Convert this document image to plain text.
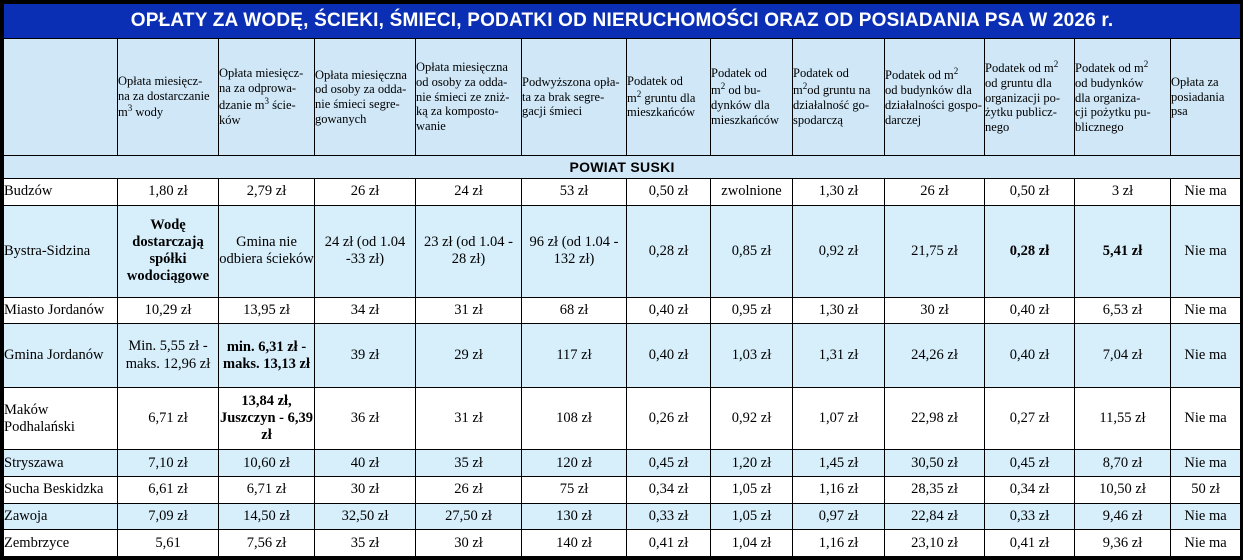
OPŁATY ZA WODĘ, ŚCIEKI, ŚMIECI, PODATKI OD NIERUCHOMOŚCI ORAZ OD POSIADANIA PSA W 2026 r.												
	Opłata miesięcz-
na za dostarczanie
$m^3$ wody	Opłata miesięcz-
na za odprowa-
dzanie $m^3$ ście-
ków	Opłata miesięczna
od osoby za odda-
nie śmieci segre-
gowanych	Opłata miesięczna
od osoby za odda-
nie śmieci ze zniż-
ką za komposto-
wanie	Podwyższona opła-
ta za brak segre-
gacji śmieci	Podatek od
$m^2$ gruntu dla
mieszkańców	Podatek od
$m^2$ od bu-
dynków dla
mieszkańców	Podatek od
$m^2od$ gruntu na
działalność go-
spodarczą	Podatek od $m^2$
od budynków dla
działalności gospo-
darczej	Podatek od $m^2$
od gruntu dla
organizacji po-
żytku publicz-
nego	Podatek od $m^2$
od budynków
dla organiza-
cji pożytku pu-
blicznego	Opłata za
posiadania
psa
POWIAT SUSKI												
Budzów	1,80 zł	2,79 zł	26 zł	24 zł	53 zł	0,50 zł	zwolnione	1,30 zł	26 zł	0,50 zł	3 zł	Nie ma
Bystra-Sidzina	Wodę dostarczają spółki wodociągowe	Gmina nie odbiera ścieków	24 zł (od 1.04 -33 zł)	23 zł (od 1.04 - 28 zł)	96 zł (od 1.04 - 132 zł)	0,28 zł	0,85 zł	0,92 zł	21,75 zł	0,28 zł	5,41 zł	Nie ma
Miasto Jordanów	10,29 zł	13,95 zł	34 zł	31 zł	68 zł	0,40 zł	0,95 zł	1,30 zł	30 zł	0,40 zł	6,53 zł	Nie ma
Gmina Jordanów	Min. 5,55 zł - maks. 12,96 zł	min. 6,31 zł - maks. 13,13 zł	39 zł	29 zł	117 zł	0,40 zł	1,03 zł	1,31 zł	24,26 zł	0,40 zł	7,04 zł	Nie ma
Maków Podhalański	6,71 zł	13,84 zł, Juszczyn - 6,39 zł	36 zł	31 zł	108 zł	0,26 zł	0,92 zł	1,07 zł	22,98 zł	0,27 zł	11,55 zł	Nie ma
Stryszawa	7,10 zł	10,60 zł	40 zł	35 zł	120 zł	0,45 zł	1,20 zł	1,45 zł	30,50 zł	0,45 zł	8,70 zł	Nie ma
Sucha Beskidzka	6,61 zł	6,71 zł	30 zł	26 zł	75 zł	0,34 zł	1,05 zł	1,16 zł	28,35 zł	0,34 zł	10,50 zł	50 zł
Zawoja	7,09 zł	14,50 zł	32,50 zł	27,50 zł	130 zł	0,33 zł	1,05 zł	0,97 zł	22,84 zł	0,33 zł	9,46 zł	Nie ma
Zembrzyce	5,61	7,56 zł	35 zł	30 zł	140 zł	0,41 zł	1,04 zł	1,16 zł	23,10 zł	0,41 zł	9,36 zł	Nie ma
